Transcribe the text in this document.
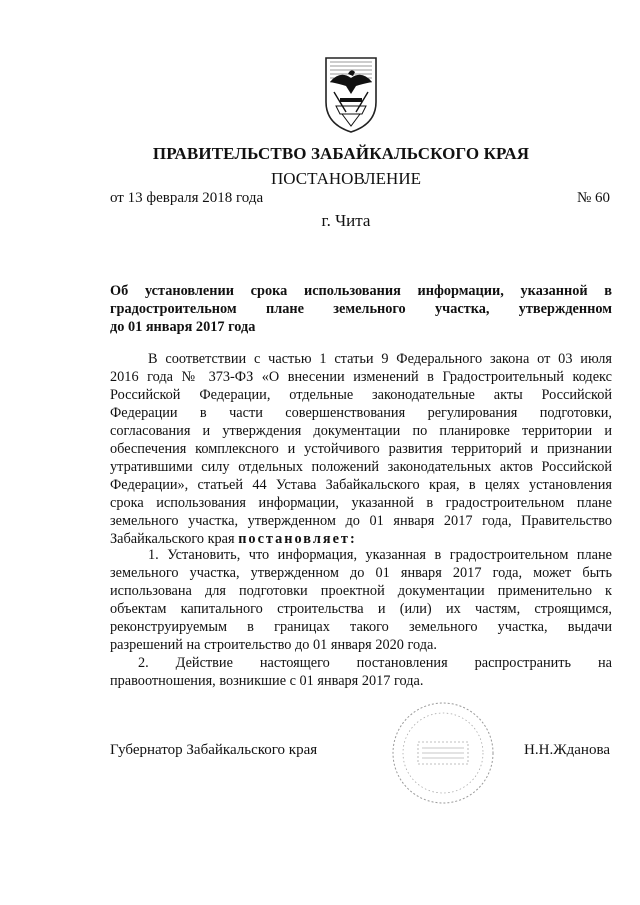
ПРАВИТЕЛЬСТВО ЗАБАЙКАЛЬСКОГО КРАЯ
ПОСТАНОВЛЕНИЕ
от 13 февраля 2018 года	№ 60
г. Чита
Об установлении срока использования информации, указанной в
градостроительном плане земельного участка, утвержденном
до 01 января 2017 года
В соответствии с частью 1 статьи 9 Федерального закона от 03 июля
2016 года № 373-ФЗ «О внесении изменений в Градостроительный кодекс
Российской Федерации, отдельные законодательные акты Российской
Федерации в части совершенствования регулирования подготовки,
согласования и утверждения документации по планировке территории и
обеспечения комплексного и устойчивого развития территорий и признании
утратившими силу отдельных положений законодательных актов Российской
Федерации», статьей 44 Устава Забайкальского края, в целях установления
срока использования информации, указанной в градостроительном плане
земельного участка, утвержденном до 01 января 2017 года, Правительство
Забайкальского края постановляет:
1. Установить, что информация, указанная в градостроительном плане
земельного участка, утвержденном до 01 января 2017 года, может быть
использована для подготовки проектной документации применительно к
объектам капитального строительства и (или) их частям, строящимся,
реконструируемым в границах такого земельного участка, выдачи
разрешений на строительство до 01 января 2020 года.
2. Действие настоящего постановления распространить на
правоотношения, возникшие с 01 января 2017 года.
Губернатор Забайкальского края	Н.Н.Жданова
